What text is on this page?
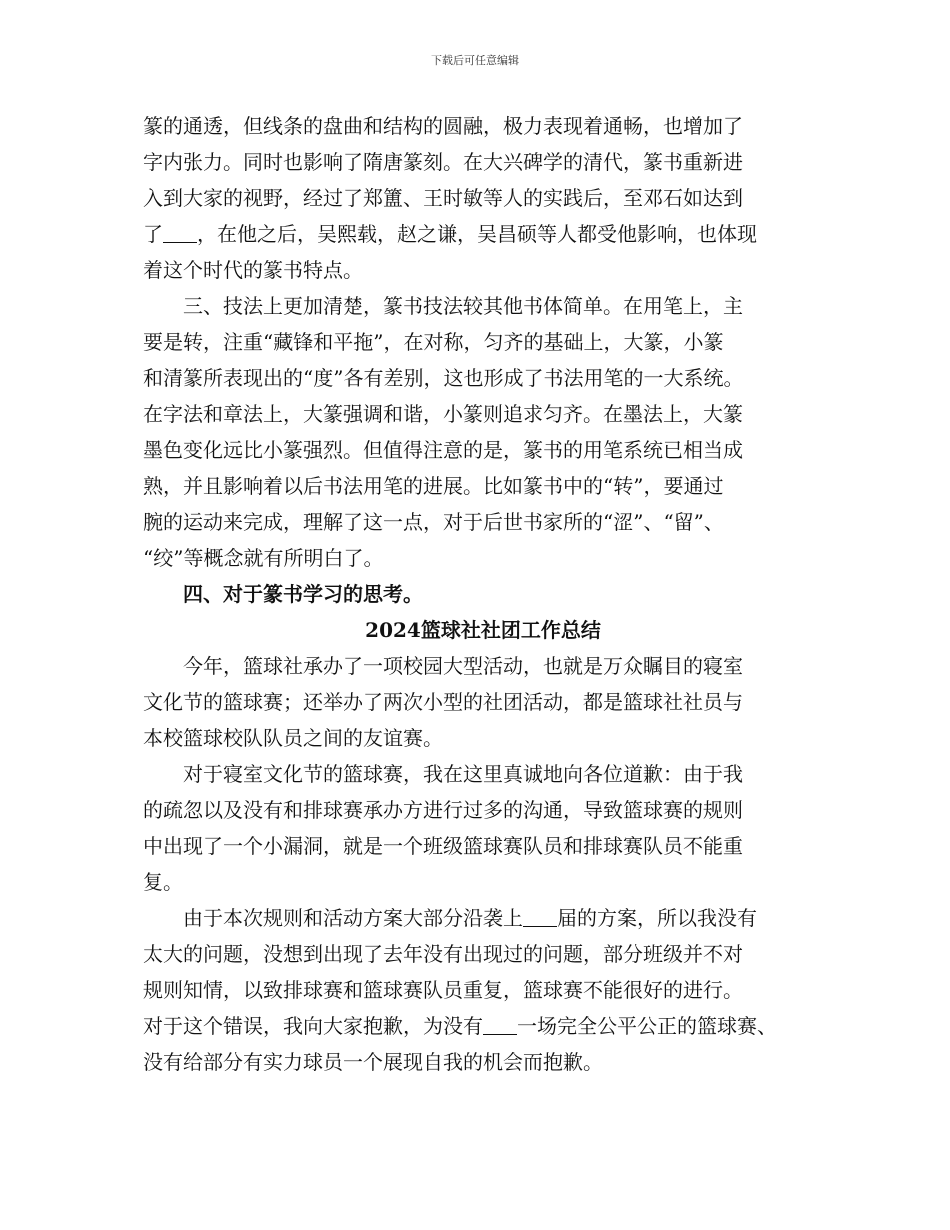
下载后可任意编辑
篆的通透，但线条的盘曲和结构的圆融，极力表现着通畅，也增加了
字内张力。同时也影响了隋唐篆刻。在大兴碑学的清代，篆书重新进
入到大家的视野，经过了郑簠、王时敏等人的实践后，至邓石如达到
了 ，在他之后，吴熙载，赵之谦，吴昌硕等人都受他影响，也体现
着这个时代的篆书特点。
　　三、技法上更加清楚，篆书技法较其他书体简单。在用笔上，主
要是转，注重“藏锋和平拖”，在对称，匀齐的基础上，大篆，小篆
和清篆所表现出的“度”各有差别，这也形成了书法用笔的一大系统。
在字法和章法上，大篆强调和谐，小篆则追求匀齐。在墨法上，大篆
墨色变化远比小篆强烈。但值得注意的是，篆书的用笔系统已相当成
熟，并且影响着以后书法用笔的进展。比如篆书中的“转”，要通过
腕的运动来完成，理解了这一点，对于后世书家所的“涩”、“留”、
“绞”等概念就有所明白了。
　　四、对于篆书学习的思考。
2024篮球社社团工作总结
　　今年，篮球社承办了一项校园大型活动，也就是万众瞩目的寝室
文化节的篮球赛；还举办了两次小型的社团活动，都是篮球社社员与
本校篮球校队队员之间的友谊赛。
　　对于寝室文化节的篮球赛，我在这里真诚地向各位道歉：由于我
的疏忽以及没有和排球赛承办方进行过多的沟通，导致篮球赛的规则
中出现了一个小漏洞，就是一个班级篮球赛队员和排球赛队员不能重
复。
　　由于本次规则和活动方案大部分沿袭上 届的方案，所以我没有
太大的问题，没想到出现了去年没有出现过的问题，部分班级并不对
规则知情，以致排球赛和篮球赛队员重复，篮球赛不能很好的进行。
对于这个错误，我向大家抱歉，为没有 一场完全公平公正的篮球赛、
没有给部分有实力球员一个展现自我的机会而抱歉。
